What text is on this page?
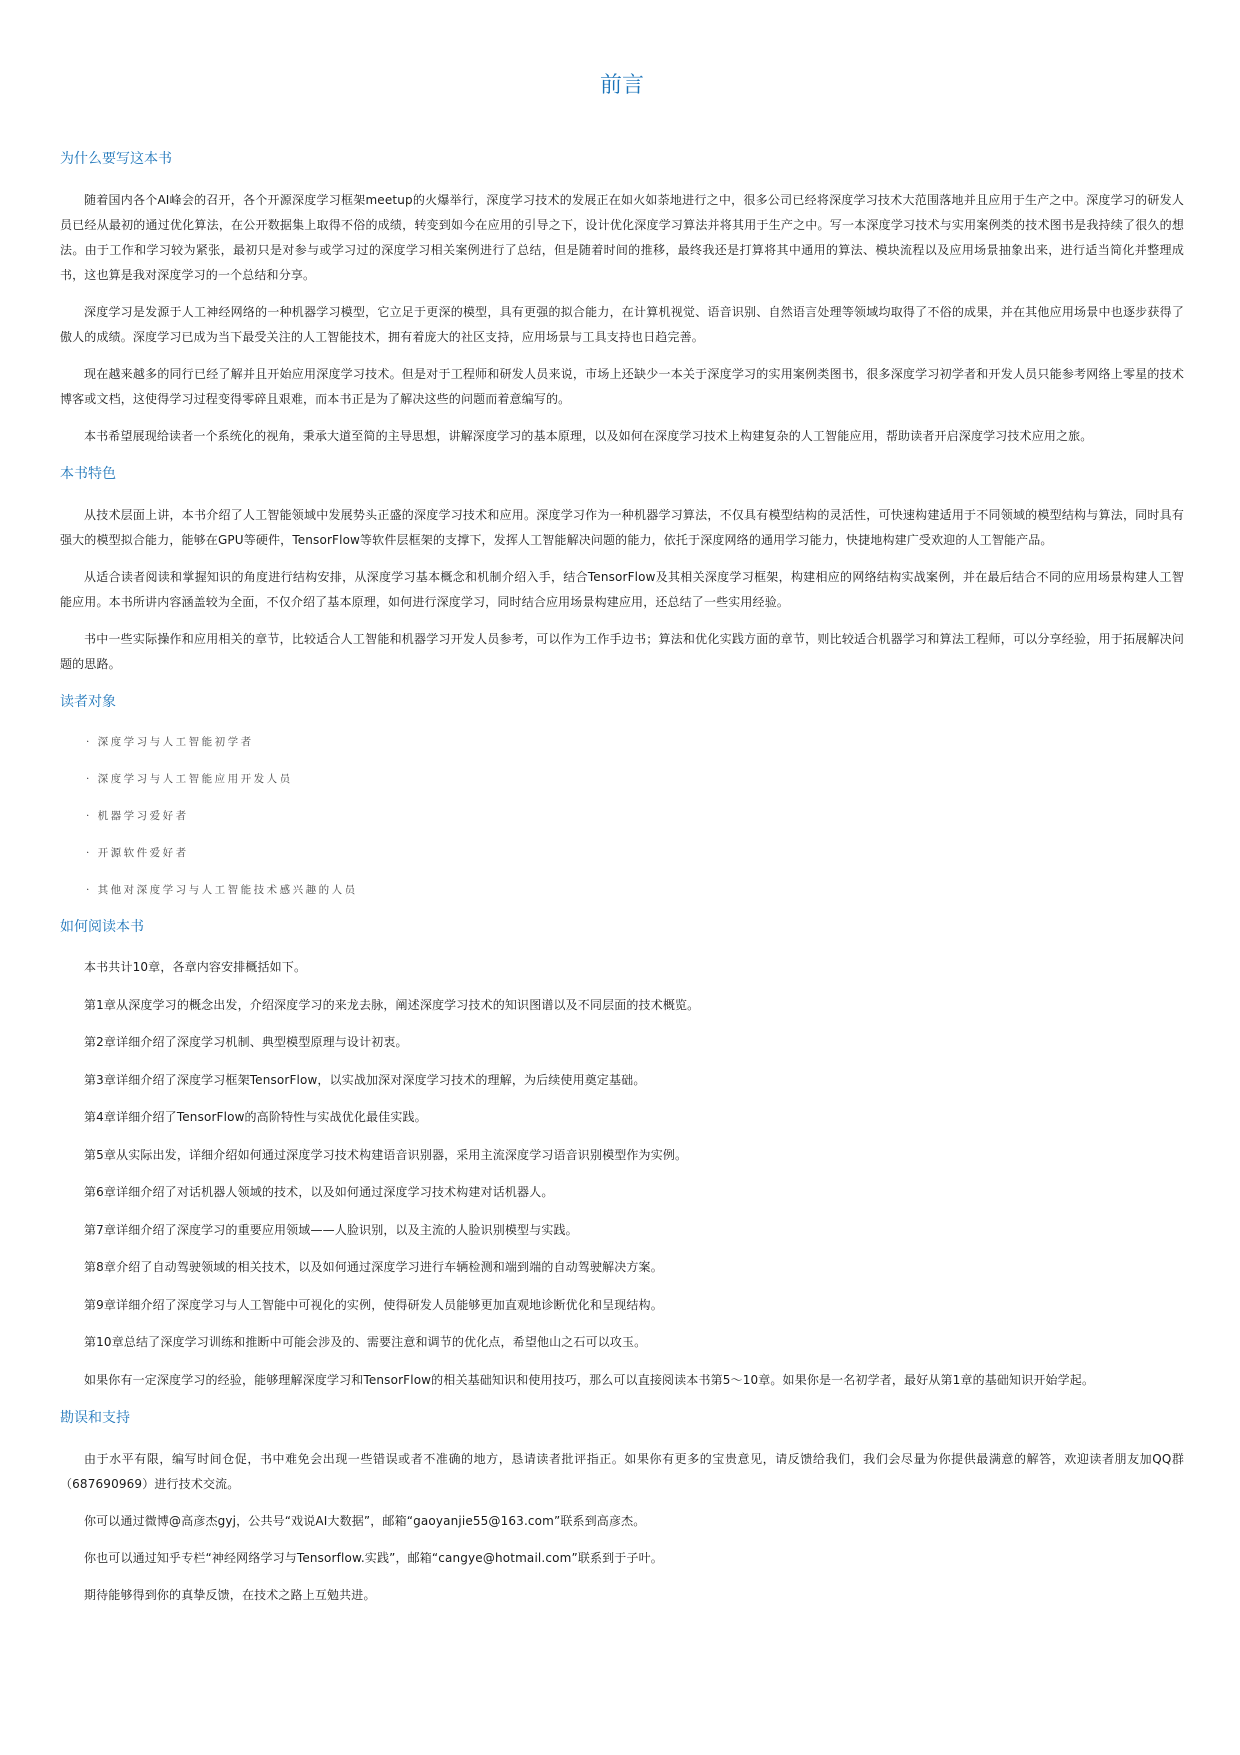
前言
为什么要写这本书

随着国内各个AI峰会的召开，各个开源深度学习框架meetup的火爆举行，深度学习技术的发展正在如火如荼地进行之中，很多公司已经将深度学习技术大范围落地并且应用于生产之中。深度学习的研发人员已经从最初的通过优化算法，在公开数据集上取得不俗的成绩，转变到如今在应用的引导之下，设计优化深度学习算法并将其用于生产之中。写一本深度学习技术与实用案例类的技术图书是我持续了很久的想法。由于工作和学习较为紧张，最初只是对参与或学习过的深度学习相关案例进行了总结，但是随着时间的推移，最终我还是打算将其中通用的算法、模块流程以及应用场景抽象出来，进行适当简化并整理成书，这也算是我对深度学习的一个总结和分享。

深度学习是发源于人工神经网络的一种机器学习模型，它立足于更深的模型，具有更强的拟合能力，在计算机视觉、语音识别、自然语言处理等领域均取得了不俗的成果，并在其他应用场景中也逐步获得了傲人的成绩。深度学习已成为当下最受关注的人工智能技术，拥有着庞大的社区支持，应用场景与工具支持也日趋完善。

现在越来越多的同行已经了解并且开始应用深度学习技术。但是对于工程师和研发人员来说，市场上还缺少一本关于深度学习的实用案例类图书，很多深度学习初学者和开发人员只能参考网络上零星的技术博客或文档，这使得学习过程变得零碎且艰难，而本书正是为了解决这些的问题而着意编写的。

本书希望展现给读者一个系统化的视角，秉承大道至简的主导思想，讲解深度学习的基本原理，以及如何在深度学习技术上构建复杂的人工智能应用，帮助读者开启深度学习技术应用之旅。

本书特色

从技术层面上讲，本书介绍了人工智能领域中发展势头正盛的深度学习技术和应用。深度学习作为一种机器学习算法，不仅具有模型结构的灵活性，可快速构建适用于不同领域的模型结构与算法，同时具有强大的模型拟合能力，能够在GPU等硬件，TensorFlow等软件层框架的支撑下，发挥人工智能解决问题的能力，依托于深度网络的通用学习能力，快捷地构建广受欢迎的人工智能产品。

从适合读者阅读和掌握知识的角度进行结构安排，从深度学习基本概念和机制介绍入手，结合TensorFlow及其相关深度学习框架，构建相应的网络结构实战案例，并在最后结合不同的应用场景构建人工智能应用。本书所讲内容涵盖较为全面，不仅介绍了基本原理，如何进行深度学习，同时结合应用场景构建应用，还总结了一些实用经验。

书中一些实际操作和应用相关的章节，比较适合人工智能和机器学习开发人员参考，可以作为工作手边书；算法和优化实践方面的章节，则比较适合机器学习和算法工程师，可以分享经验，用于拓展解决问题的思路。

读者对象

· 深度学习与人工智能初学者

· 深度学习与人工智能应用开发人员

· 机器学习爱好者

· 开源软件爱好者

· 其他对深度学习与人工智能技术感兴趣的人员

如何阅读本书

本书共计10章，各章内容安排概括如下。

第1章从深度学习的概念出发，介绍深度学习的来龙去脉，阐述深度学习技术的知识图谱以及不同层面的技术概览。

第2章详细介绍了深度学习机制、典型模型原理与设计初衷。

第3章详细介绍了深度学习框架TensorFlow，以实战加深对深度学习技术的理解，为后续使用奠定基础。

第4章详细介绍了TensorFlow的高阶特性与实战优化最佳实践。

第5章从实际出发，详细介绍如何通过深度学习技术构建语音识别器，采用主流深度学习语音识别模型作为实例。

第6章详细介绍了对话机器人领域的技术，以及如何通过深度学习技术构建对话机器人。

第7章详细介绍了深度学习的重要应用领域——人脸识别，以及主流的人脸识别模型与实践。

第8章介绍了自动驾驶领域的相关技术，以及如何通过深度学习进行车辆检测和端到端的自动驾驶解决方案。

第9章详细介绍了深度学习与人工智能中可视化的实例，使得研发人员能够更加直观地诊断优化和呈现结构。

第10章总结了深度学习训练和推断中可能会涉及的、需要注意和调节的优化点，希望他山之石可以攻玉。

如果你有一定深度学习的经验，能够理解深度学习和TensorFlow的相关基础知识和使用技巧，那么可以直接阅读本书第5～10章。如果你是一名初学者，最好从第1章的基础知识开始学起。

勘误和支持

由于水平有限，编写时间仓促，书中难免会出现一些错误或者不准确的地方，恳请读者批评指正。如果你有更多的宝贵意见，请反馈给我们，我们会尽量为你提供最满意的解答，欢迎读者朋友加QQ群（687690969）进行技术交流。

你可以通过微博@高彦杰gyj，公共号“戏说AI大数据”，邮箱“gaoyanjie55@163.com”联系到高彦杰。

你也可以通过知乎专栏“神经网络学习与Tensorflow.实践”，邮箱“cangye@hotmail.com”联系到于子叶。

期待能够得到你的真挚反馈，在技术之路上互勉共进。
